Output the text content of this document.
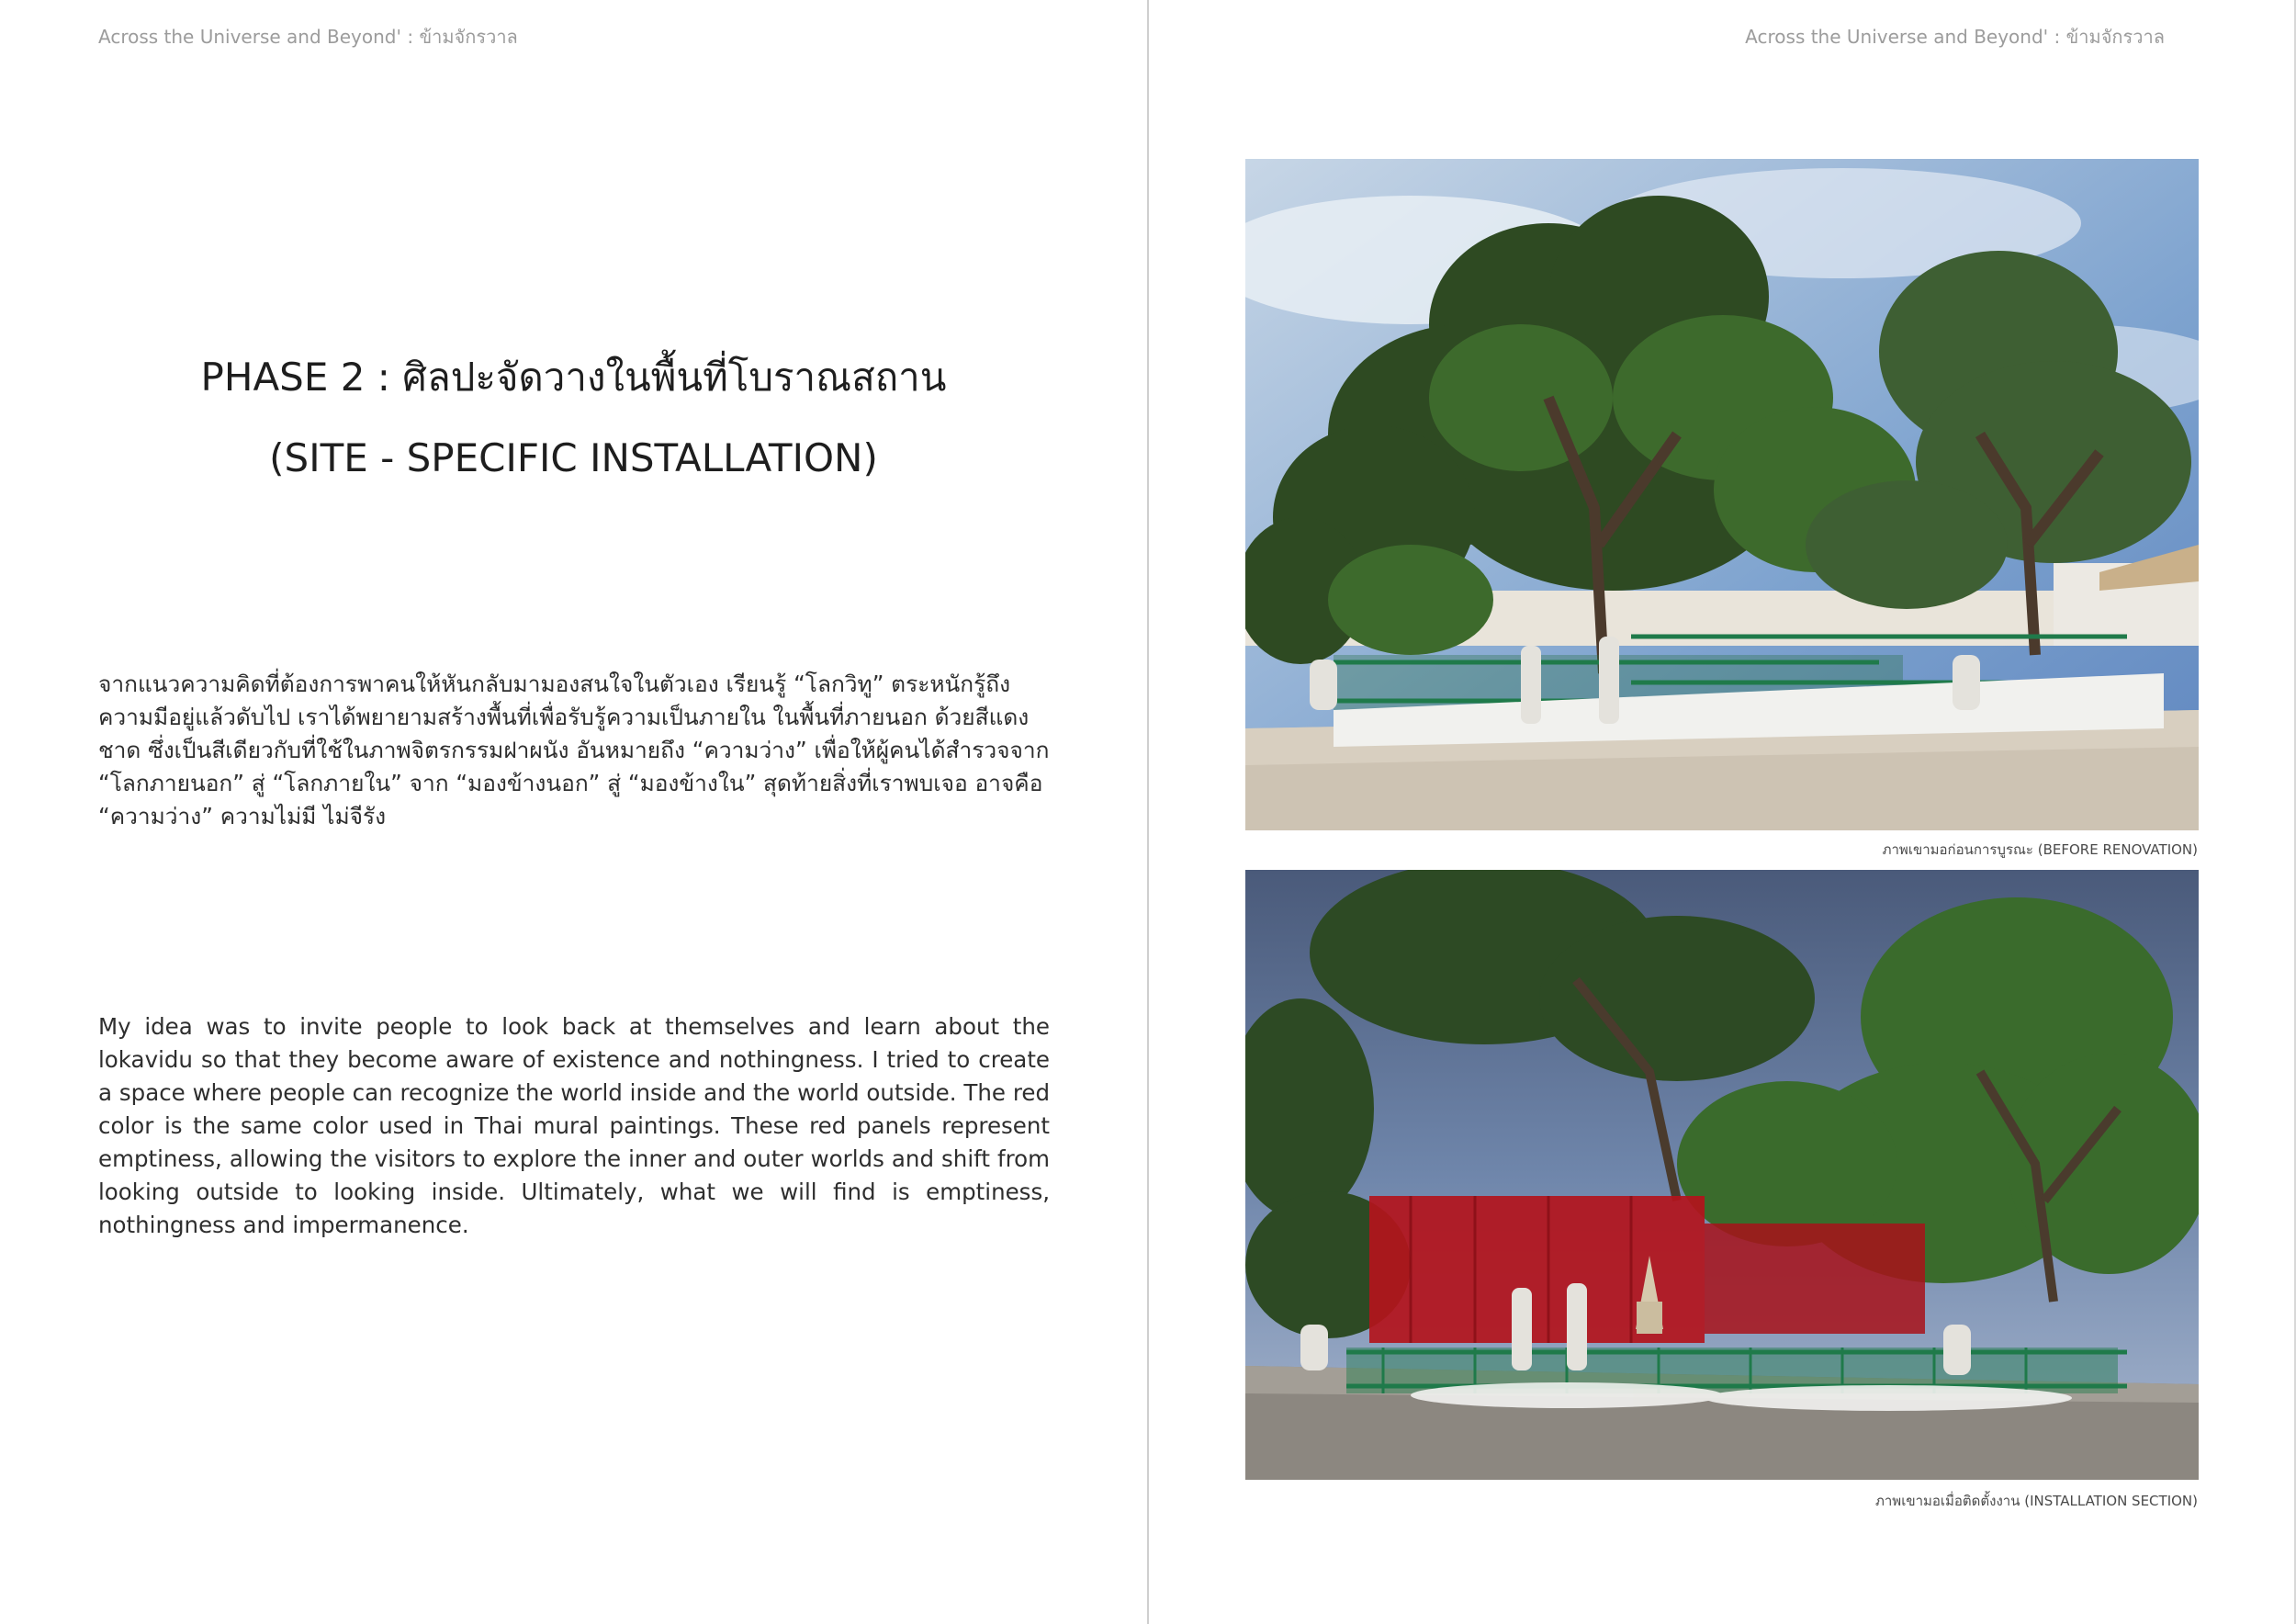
Across the Universe and Beyond' : ข้ามจักรวาล
PHASE 2 : ศิลปะจัดวางในพื้นที่โบราณสถาน
(SITE - SPECIFIC INSTALLATION)

จากแนวความคิดที่ต้องการพาคนให้หันกลับมามองสนใจในตัวเอง เรียนรู้ “โลกวิทู” ตระหนักรู้ถึงความมีอยู่แล้วดับไป เราได้พยายามสร้างพื้นที่เพื่อรับรู้ความเป็นภายใน ในพื้นที่ภายนอก ด้วยสีแดงชาด ซึ่งเป็นสีเดียวกับที่ใช้ในภาพจิตรกรรมฝาผนัง อันหมายถึง “ความว่าง” เพื่อให้ผู้คนได้สำรวจจาก “โลกภายนอก” สู่ “โลกภายใน” จาก “มองข้างนอก” สู่ “มองข้างใน” สุดท้ายสิ่งที่เราพบเจอ อาจคือ “ความว่าง” ความไม่มี ไม่จีรัง

My idea was to invite people to look back at themselves and learn about the lokavidu so that they become aware of existence and nothingness. I tried to create a space where people can recognize the world inside and the world outside. The red color is the same color used in Thai mural paintings. These red panels represent emptiness, allowing the visitors to explore the inner and outer worlds and shift from looking outside to looking inside. Ultimately, what we will find is emptiness, nothingness and impermanence.

Across the Universe and Beyond' : ข้ามจักรวาล
ภาพเขามอก่อนการบูรณะ (BEFORE RENOVATION)
ภาพเขามอเมื่อติดตั้งงาน (INSTALLATION SECTION)
